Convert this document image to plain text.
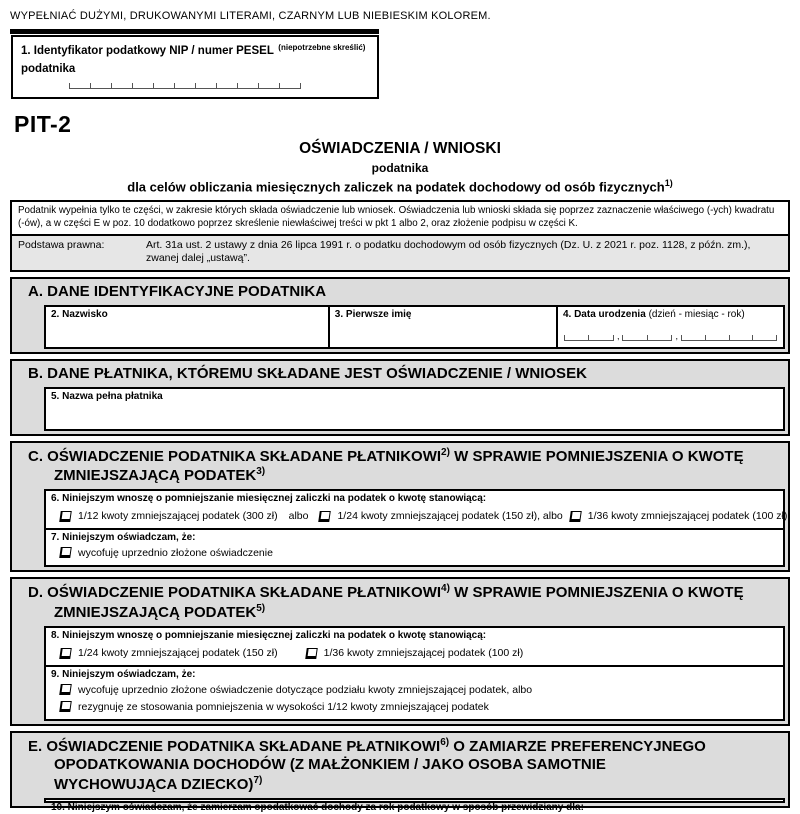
WYPEŁNIAĆ DUŻYMI, DRUKOWANYMI LITERAMI, CZARNYM LUB NIEBIESKIM KOLOREM.
1. Identyfikator podatkowy NIP / numer PESEL $^{(niepotrzebne skreślić)}$ podatnika
PIT-2
OŚWIADCZENIA / WNIOSKI
podatnika
dla celów obliczania miesięcznych zaliczek na podatek dochodowy od osób fizycznych$^{1)}$
Podatnik wypełnia tylko te części, w zakresie których składa oświadczenie lub wniosek. Oświadczenia lub wnioski składa się poprzez zaznaczenie właściwego (-ych) kwadratu (-ów), a w części E w poz. 10 dodatkowo poprzez skreślenie niewłaściwej treści w pkt 1 albo 2, oraz złożenie podpisu w części K.
Podstawa prawna:	Art. 31a ust. 2 ustawy z dnia 26 lipca 1991 r. o podatku dochodowym od osób fizycznych (Dz. U. z 2021 r. poz. 1128, z późn. zm.), zwanej dalej „ustawą”.
A. DANE IDENTYFIKACYJNE PODATNIKA
2. Nazwisko	3. Pierwsze imię	4. Data urodzenia (dzień - miesiąc - rok)
,	,
B. DANE PŁATNIKA, KTÓREMU SKŁADANE JEST OŚWIADCZENIE / WNIOSEK
5. Nazwa pełna płatnika
C. OŚWIADCZENIE PODATNIKA SKŁADANE PŁATNIKOWI$^{2)}$ W SPRAWIE POMNIEJSZENIA O KWOTĘ ZMNIEJSZAJĄCĄ PODATEK$^{3)}$
6. Niniejszym wnoszę o pomniejszanie miesięcznej zaliczki na podatek o kwotę stanowiącą:
1/12 kwoty zmniejszającej podatek (300 zł) albo	1/24 kwoty zmniejszającej podatek (150 zł), albo 1/36 kwoty zmniejszającej podatek (100 zł)
7. Niniejszym oświadczam, że:
wycofuję uprzednio złożone oświadczenie
D. OŚWIADCZENIE PODATNIKA SKŁADANE PŁATNIKOWI$^{4)}$ W SPRAWIE POMNIEJSZENIA O KWOTĘ ZMNIEJSZAJĄCĄ PODATEK$^{5)}$
8. Niniejszym wnoszę o pomniejszanie miesięcznej zaliczki na podatek o kwotę stanowiącą:
1/24 kwoty zmniejszającej podatek (150 zł)	1/36 kwoty zmniejszającej podatek (100 zł)
9. Niniejszym oświadczam, że:
wycofuję uprzednio złożone oświadczenie dotyczące podziału kwoty zmniejszającej podatek, albo
rezygnuję ze stosowania pomniejszenia w wysokości 1/12 kwoty zmniejszającej podatek
E. OŚWIADCZENIE PODATNIKA SKŁADANE PŁATNIKOWI$^{6)}$ O ZAMIARZE PREFERENCYJNEGO OPODATKOWANIA DOCHODÓW (Z MAŁŻONKIEM / JAKO OSOBA SAMOTNIE WYCHOWUJĄCA DZIECKO)$^{7)}$
10. Niniejszym oświadczam, że zamierzam opodatkować dochody za rok podatkowy w sposób przewidziany dla:
